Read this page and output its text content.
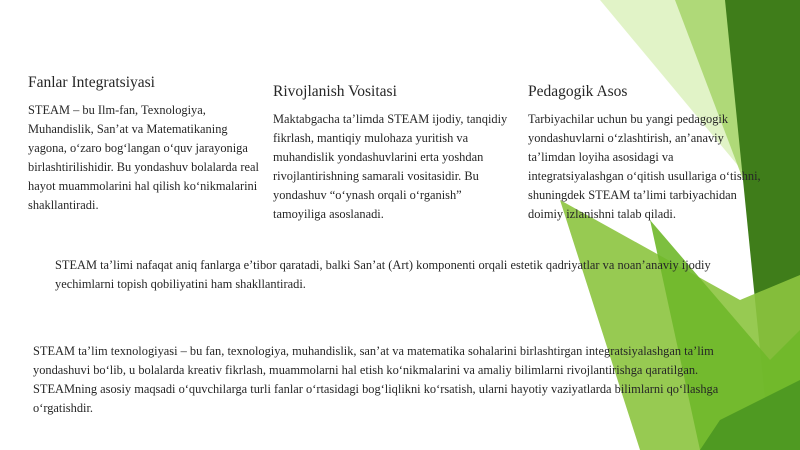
Fanlar Integratsiyasi

STEAM – bu Ilm-fan, Texnologiya, Muhandislik, San’at va Matematikaning yagona, o‘zaro bog‘langan o‘quv jarayoniga birlashtirilishidir. Bu yondashuv bolalarda real hayot muammolarini hal qilish ko‘nikmalarini shakllantiradi.

Rivojlanish Vositasi

Maktabgacha ta’limda STEAM ijodiy, tanqidiy fikrlash, mantiqiy mulohaza yuritish va muhandislik yondashuvlarini erta yoshdan rivojlantirishning samarali vositasidir. Bu yondashuv “o‘ynash orqali o‘rganish” tamoyiliga asoslanadi.

Pedagogik Asos

Tarbiyachilar uchun bu yangi pedagogik yondashuvlarni o‘zlashtirish, an’anaviy ta’limdan loyiha asosidagi va integratsiyalashgan o‘qitish usullariga o‘tishni, shuningdek STEAM ta’limi tarbiyachidan doimiy izlanishni talab qiladi.

STEAM ta’limi nafaqat aniq fanlarga e’tibor qaratadi, balki San’at (Art) komponenti orqali estetik qadriyatlar va noan’anaviy ijodiy yechimlarni topish qobiliyatini ham shakllantiradi.

STEAM ta’lim texnologiyasi – bu fan, texnologiya, muhandislik, san’at va matematika sohalarini birlashtirgan integratsiyalashgan ta’lim yondashuvi bo‘lib, u bolalarda kreativ fikrlash, muammolarni hal etish ko‘nikmalarini va amaliy bilimlarni rivojlantirishga qaratilgan. STEAMning asosiy maqsadi o‘quvchilarga turli fanlar o‘rtasidagi bog‘liqlikni ko‘rsatish, ularni hayotiy vaziyatlarda bilimlarni qo‘llashga o‘rgatishdir.
